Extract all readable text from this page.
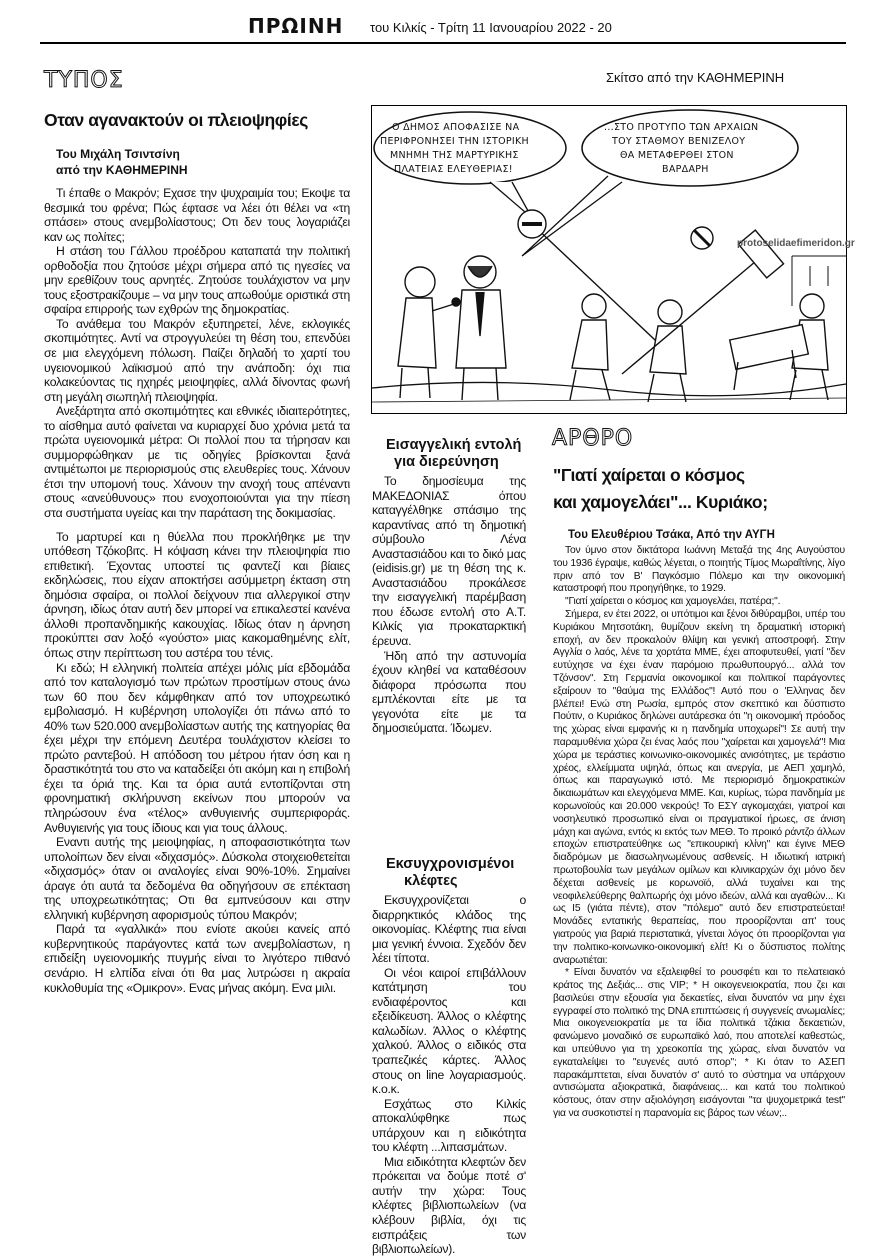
ΠΡΩΙΝΗ του Κιλκίς - Τρίτη 11 Ιανουαρίου 2022 - 20
ΤΥΠΟΣ	Σκίτσο από την ΚΑΘΗΜΕΡΙΝΗ
Οταν αγανακτούν οι πλειοψηφίες
Του Μιχάλη Τσιντσίνη
από την ΚΑΘΗΜΕΡΙΝΗ

Τι έπαθε ο Μακρόν; Εχασε την ψυχραιμία του; Εκοψε τα θεσμικά του φρένα; Πώς έφτασε να λέει ότι θέλει να «τη σπάσει» στους ανεμβολίαστους; Οτι δεν τους λογαριάζει καν ως πολίτες;

Η στάση του Γάλλου προέδρου καταπατά την πολιτική ορθοδοξία που ζητούσε μέχρι σήμερα από τις ηγεσίες να μην ερεθίζουν τους αρνητές. Ζητούσε τουλάχιστον να μην τους εξοστρακίζουμε – να μην τους απωθούμε οριστικά στη σφαίρα επιρροής των εχθρών της δημοκρατίας.

Το ανάθεμα του Μακρόν εξυπηρετεί, λένε, εκλογικές σκοπιμότητες. Αντί να στρογγυλεύει τη θέση του, επενδύει σε μια ελεγχόμενη πόλωση. Παίζει δηλαδή το χαρτί του υγειονομικού λαϊκισμού από την ανάποδη: όχι πια κολακεύοντας τις ηχηρές μειοψηφίες, αλλά δίνοντας φωνή στη μεγάλη σιωπηλή πλειοψηφία.

Ανεξάρτητα από σκοπιμότητες και εθνικές ιδιαιτερότητες, το αίσθημα αυτό φαίνεται να κυριαρχεί δυο χρόνια μετά τα πρώτα υγειονομικά μέτρα: Οι πολλοί που τα τήρησαν και συμμορφώθηκαν με τις οδηγίες βρίσκονται ξανά αντιμέτωποι με περιορισμούς στις ελευθερίες τους. Χάνουν έτσι την υπομονή τους. Χάνουν την ανοχή τους απέναντι στους «ανεύθυνους» που ενοχοποιούνται για την πίεση στα συστήματα υγείας και την παράταση της δοκιμασίας.

Το μαρτυρεί και η θύελλα που προκλήθηκε με την υπόθεση Τζόκοβιτς. Η κόψαση κάνει την πλειοψηφία πιο επιθετική. Έχοντας υποστεί τις φαντεζί και βίαιες εκδηλώσεις, που είχαν αποκτήσει ασύμμετρη έκταση στη δημόσια σφαίρα, οι πολλοί δείχνουν πια αλλεργικοί στην άρνηση, ιδίως όταν αυτή δεν μπορεί να επικαλεστεί κανένα άλλοθι προπανδημικής κακουχίας. Ιδίως όταν η άρνηση προκύπτει σαν λοξό «γούστο» μιας κακομαθημένης ελίτ, όπως στην περίπτωση του αστέρα του τένις.

Κι εδώ; Η ελληνική πολιτεία απέχει μόλις μία εβδομάδα από τον καταλογισμό των πρώτων προστίμων στους άνω των 60 που δεν κάμφθηκαν από τον υποχρεωτικό εμβολιασμό. Η κυβέρνηση υπολογίζει ότι πάνω από το 40% των 520.000 ανεμβολίαστων αυτής της κατηγορίας θα έχει μέχρι την επόμενη Δευτέρα τουλάχιστον κλείσει το πρώτο ραντεβού. Η απόδοση του μέτρου ήταν όση και η δραστικότητά του στο να καταδείξει ότι ακόμη και η επιβολή έχει τα όριά της. Και τα όρια αυτά εντοπίζονται στη φρονηματική σκλήρυνση εκείνων που μπορούν να πληρώσουν ένα «τέλος» ανθυγιεινής συμπεριφοράς. Ανθυγιεινής για τους ίδιους και για τους άλλους.

Εναντι αυτής της μειοψηφίας, η αποφασιστικότητα των υπολοίπων δεν είναι «διχασμός». Δύσκολα στοιχειοθετείται «διχασμός» όταν οι αναλογίες είναι 90%-10%. Σημαίνει άραγε ότι αυτά τα δεδομένα θα οδηγήσουν σε επέκταση της υποχρεωτικότητας; Οτι θα εμπνεύσουν και στην ελληνική κυβέρνηση αφορισμούς τύπου Μακρόν;

Παρά τα «γαλλικά» που ενίοτε ακούει κανείς από κυβερνητικούς παράγοντες κατά των ανεμβολίαστων, η επιδείξη υγειονομικής πυγμής είναι το λιγότερο πιθανό σενάριο. Η ελπίδα είναι ότι θα μας λυτρώσει η ακραία κυκλοθυμία της «Ομικρον». Ενας μήνας ακόμη. Ενα μιλι.

Ο ΔΗΜΟΣ ΑΠΟΦΑΣΙΣΕ ΝΑ
ΠΕΡΙΦΡΟΝΗΣΕΙ ΤΗΝ ΙΣΤΟΡΙΚΗ
ΜΝΗΜΗ ΤΗΣ ΜΑΡΤΥΡΙΚΗΣ
ΠΛΑΤΕΙΑΣ ΕΛΕΥΘΕΡΙΑΣ!
...ΣΤΟ ΠΡΟΤΥΠΟ ΤΩΝ ΑΡΧΑΙΩΝ
ΤΟΥ ΣΤΑΘΜΟΥ ΒΕΝΙΖΕΛΟΥ
ΘΑ ΜΕΤΑΦΕΡΘΕΙ ΣΤΟΝ
ΒΑΡΔΑΡΗ
protoselidaefimeridon.gr
Εισαγγελική εντολή
για διερεύνηση

Το δημοσίευμα της ΜΑΚΕΔΟΝΙΑΣ όπου καταγγέλθηκε σπάσιμο της καραντίνας από τη δημοτική σύμβουλο Λένα Αναστασιάδου και το δικό μας (eidisis.gr) με τη θέση της κ. Αναστασιάδου προκάλεσε την εισαγγελική παρέμβαση που έδωσε εντολή στο Α.Τ. Κιλκίς για προκαταρκτική έρευνα.

Ήδη από την αστυνομία έχουν κληθεί να καταθέσουν διάφορα πρόσωπα που εμπλέκονται είτε με τα γεγονότα είτε με τα δημοσιεύματα. Ίδωμεν.

Εκσυγχρονισμένοι
κλέφτες

Εκσυγχρονίζεται ο διαρρηκτικός κλάδος της οικονομίας. Κλέφτης πια είναι μια γενική έννοια. Σχεδόν δεν λέει τίποτα.

Οι νέοι καιροί επιβάλλουν κατάτμηση του ενδιαφέροντος και εξειδίκευση. Άλλος ο κλέφτης καλωδίων. Άλλος ο κλέφτης χαλκού. Άλλος ο ειδικός στα τραπεζικές κάρτες. Άλλος στους on line λογαριασμούς. κ.ο.κ.

Εσχάτως στο Κιλκίς αποκαλύφθηκε πως υπάρχουν και η ειδικότητα του κλέφτη ...λιπασμάτων.

Μια ειδικότητα κλεφτών δεν πρόκειται να δούμε ποτέ σ' αυτήν την χώρα: Τους κλέφτες βιβλιοπωλείων (να κλέβουν βιβλία, όχι τις εισπράξεις των βιβλιοπωλείων).

ΑΡΘΡΟ
"Γιατί χαίρεται ο κόσμος
και χαμογελάει"... Κυριάκο;
Του Ελευθέριου Τσάκα, Από την ΑΥΓΗ

Τον ύμνο στον δικτάτορα Ιωάννη Μεταξά της 4ης Αυγούστου του 1936 έγραψε, καθώς λέγεται, ο ποιητής Τίμος Μωραΐτίνης, λίγο πριν από τον Β' Παγκόσμιο Πόλεμο και την οικονομική καταστροφή που προηγήθηκε, το 1929.

"Γιατί χαίρεται ο κόσμος και χαμογελάει, πατέρα;".

Σήμερα, εν έτει 2022, οι υπότιμοι και ξένοι διθύραμβοι, υπέρ του Κυριάκου Μητσοτάκη, θυμίζουν εκείνη τη δραματική ιστορική εποχή, αν δεν προκαλούν θλίψη και γενική αποστροφή. Στην Αγγλία ο λαός, λένε τα χορτάτα ΜΜΕ, έχει αποφυτευθεί, γιατί "δεν ευτύχησε να έχει έναν παρόμοιο πρωθυπουργό... αλλά τον Τζόνσον". Στη Γερμανία οικονομικοί και πολιτικοί παράγοντες εξαίρουν το "θαύμα της Ελλάδος"! Αυτό που ο 'Ελληνας δεν βλέπει! Ενώ στη Ρωσία, εμπρός στον σκεπτικό και δύσπιστο Πούτιν, ο Κυριάκος δηλώνει αυτάρεσκα ότι "η οικονομική πρόοδος της χώρας είναι εμφανής κι η πανδημία υποχωρεί"! Σε αυτή την παραμυθένια χώρα ζει ένας λαός που "χαίρεται και χαμογελά"! Μια χώρα με τεράστιες κοινωνικο-οικονομικές ανισότητες, με τεράστιο χρέος, ελλείμματα υψηλά, όπως και ανεργία, με ΑΕΠ χαμηλό, όπως και παραγωγικό ιστό. Με περιορισμό δημοκρατικών δικαιωμάτων και ελεγχόμενα ΜΜΕ. Και, κυρίως, τώρα πανδημία με κορωνοϊούς και 20.000 νεκρούς! Το ΕΣΥ αγκομαχάει, γιατροί και νοσηλευτικό προσωπικό είναι οι πραγματικοί ήρωες, σε άνιση μάχη και αγώνα, εντός κι εκτός των ΜΕΘ. Το προικό ράντζο άλλων εποχών επιστρατεύθηκε ως "επικουρική κλίνη" και έγινε ΜΕΘ διαδρόμων με διασωληνωμένους ασθενείς. Η ιδιωτική ιατρική πρωτοβουλία των μεγάλων ομίλων και κλινικαρχών όχι μόνο δεν δέχεται ασθενείς με κορωνοϊό, αλλά τυχαίνει και της νεοφιλελεύθερης θαλπωρής όχι μόνο ιδεών, αλλά και αγαθών... Κι ως Ι5 (γιάτα πέντε), στον "πόλεμο" αυτό δεν επιστρατεύεται! Μονάδες εντατικής θεραπείας, που προορίζονται απ' τους γιατρούς για βαριά περιστατικά, γίνεται λόγος ότι προορίζονται για την πολιτικο-κοινωνικο-οικονομική ελίτ! Κι ο δύσπιστος πολίτης αναρωτιέται:

* Είναι δυνατόν να εξαλειφθεί το ρουσφέτι και το πελατειακό κράτος της Δεξιάς... στις VIP; * Η οικογενειοκρατία, που ζει και βασιλεύει στην εξουσία για δεκαετίες, είναι δυνατόν να μην έχει εγγραφεί στο πολιτικό της DNA επιπτώσεις ή συγγενείς ανωμαλίες; Μια οικογενειοκρατία με τα ίδια πολιτικά τζάκια δεκαετιών, φανώμενο μοναδικό σε ευρωπαϊκό λαό, που αποτελεί καθεστώς, και υπεύθυνο για τη χρεοκοπία της χώρας, είναι δυνατόν να εγκαταλείψει το "ευγενές αυτό σπορ"; * Κι όταν το ΑΣΕΠ παρακάμπτεται, είναι δυνατόν σ' αυτό το σύστημα να υπάρχουν αντισώματα αξιοκρατικά, διαφάνειας... και κατά του πολιτικού κόστους, όταν στην αξιολόγηση εισάγονται "τα ψυχομετρικά test" για να συσκοτιστεί η παρανομία εις βάρος των νέων;..
